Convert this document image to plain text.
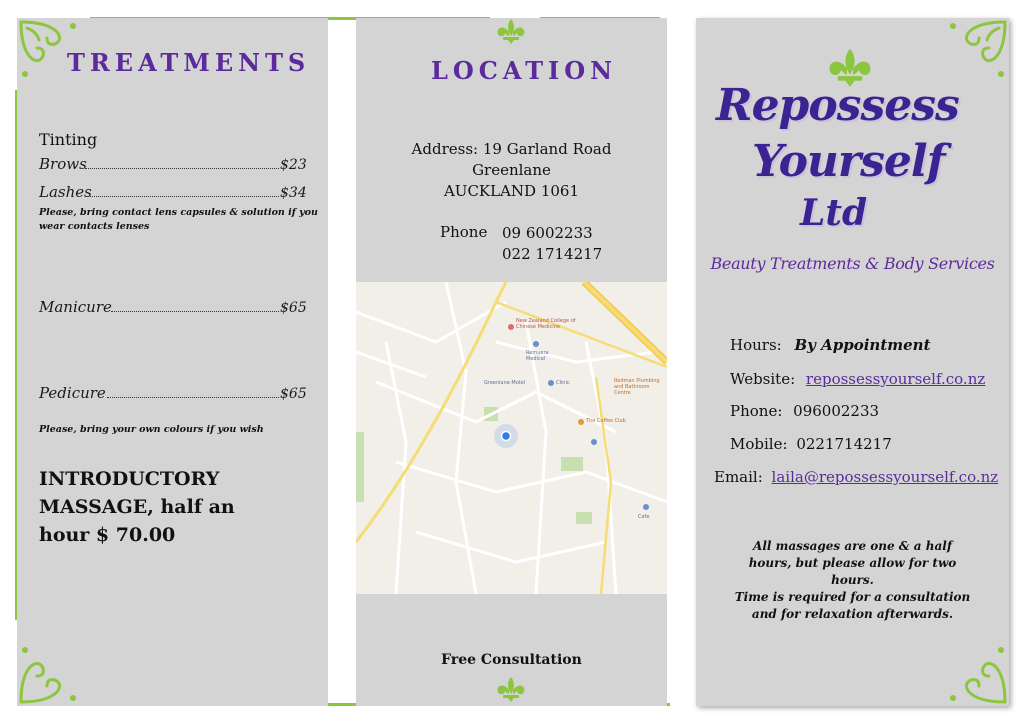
TREATMENTS
Tinting
Brows	$23
Lashes	$34
Please, bring contact lens capsules & solution if you wear contacts lenses
Manicure	$65
Pedicure	$65
Please, bring your own colours if you wish
INTRODUCTORY MASSAGE, half an hour $ 70.00
LOCATION
Address: 19 Garland Road
Greenlane
AUCKLAND 1061
Phone 09 6002233
022 1714217
New Zealand College of Chinese Medicine
Remuera Medical
Greenlane Motel	Clinic	Redman Plumbing and Bathroom Centre
The Coffee Club
Cafe
Free Consultation
Repossess
Yourself
Ltd
Beauty Treatments & Body Services
Hours: By Appointment
Website: repossessyourself.co.nz
Phone: 096002233
Mobile: 0221714217
Email: laila@repossessyourself.co.nz
All massages are one & a half hours, but please allow for two hours.
Time is required for a consultation and for relaxation afterwards.
